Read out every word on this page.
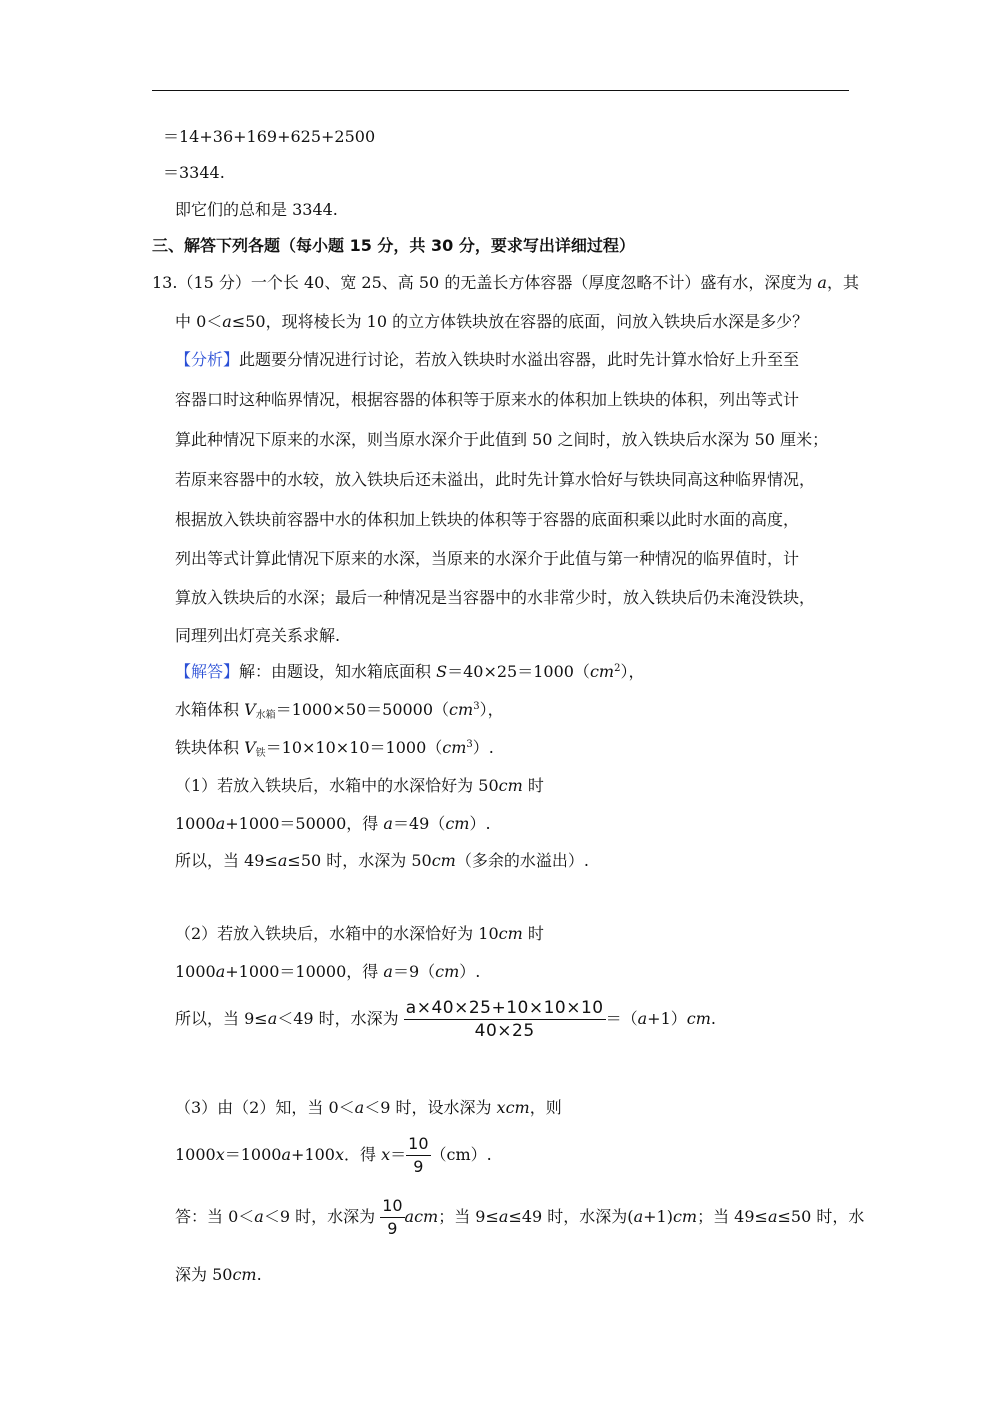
＝14+36+169+625+2500
＝3344.
即它们的总和是 3344.
三、解答下列各题（每小题 15 分，共 30 分，要求写出详细过程）
13.（15 分）一个长 40、宽 25、高 50 的无盖长方体容器（厚度忽略不计）盛有水，深度为 a，其
中 0＜a≤50，现将棱长为 10 的立方体铁块放在容器的底面，问放入铁块后水深是多少？
【分析】此题要分情况进行讨论，若放入铁块时水溢出容器，此时先计算水恰好上升至至
容器口时这种临界情况，根据容器的体积等于原来水的体积加上铁块的体积，列出等式计
算此种情况下原来的水深，则当原水深介于此值到 50 之间时，放入铁块后水深为 50 厘米；
若原来容器中的水较，放入铁块后还未溢出，此时先计算水恰好与铁块同高这种临界情况，
根据放入铁块前容器中水的体积加上铁块的体积等于容器的底面积乘以此时水面的高度，
列出等式计算此情况下原来的水深，当原来的水深介于此值与第一种情况的临界值时，计
算放入铁块后的水深；最后一种情况是当容器中的水非常少时，放入铁块后仍未淹没铁块，
同理列出灯亮关系求解.
【解答】解：由题设，知水箱底面积 $S=40\times 25=1000(cm^2)$，
水箱体积 $V_{水箱}=1000\times 50=50000(cm^3)$，
铁块体积 $V_铁=10\times 10\times 10=1000(cm^3)$.
（1）若放入铁块后，水箱中的水深恰好为 50cm 时
1000a+1000＝50000，得 a＝49（cm）.
所以，当 49≤a≤50 时，水深为 50cm（多余的水溢出）.
（2）若放入铁块后，水箱中的水深恰好为 10cm 时
1000a+1000＝10000，得 a＝9（cm）.
所以，当 9≤a＜49 时，水深为 $\frac{a\times 40\times 25+10\times 10\times 10}{40\times 25} =(a+1)cm$.
（3）由（2）知，当 0＜a＜9 时，设水深为 xcm，则
1000x＝1000a+100x．得 $x= \frac{10}{9} (cm)$.
答：当 0＜a＜9 时，水深为 $\frac{10}{9}$ acm；当 9≤a≤49 时，水深为(a+1)cm；当 49≤a≤50 时，水
深为 50cm.
